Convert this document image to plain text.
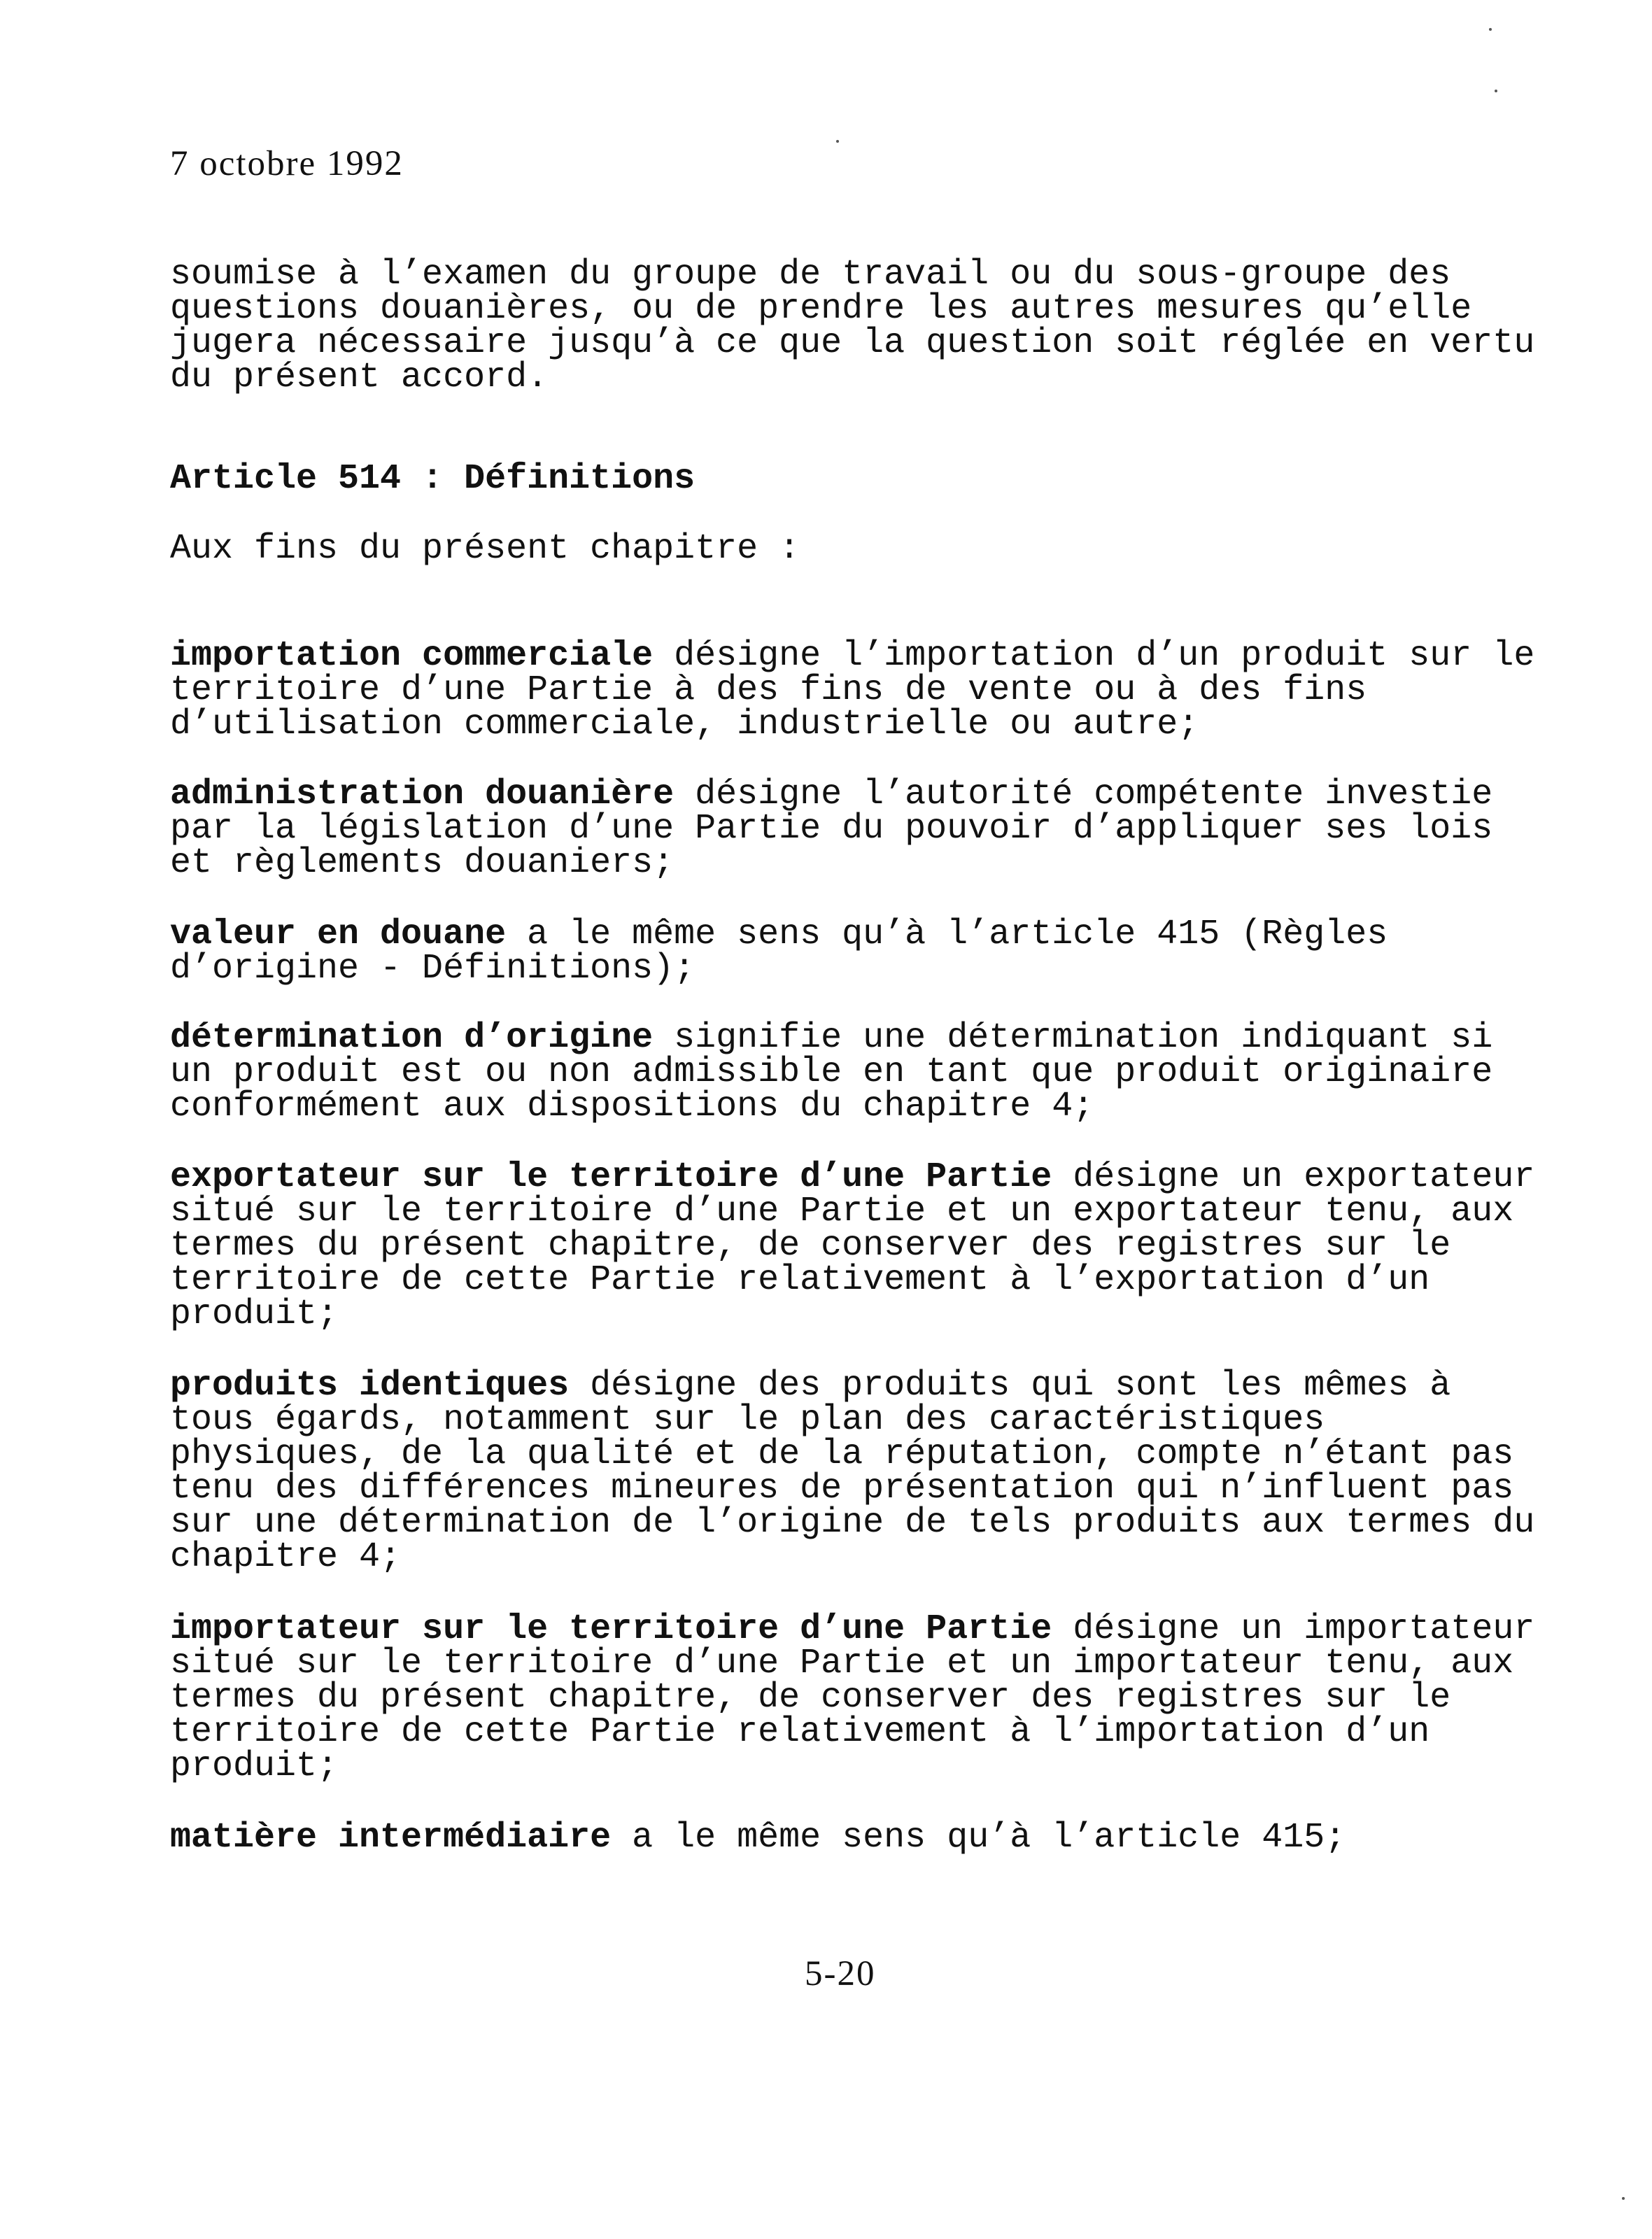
7 octobre 1992

soumise à l’examen du groupe de travail ou du sous-groupe des
questions douanières, ou de prendre les autres mesures qu’elle
jugera nécessaire jusqu’à ce que la question soit réglée en vertu
du présent accord.
Article 514 : Définitions
Aux fins du présent chapitre :
importation commerciale désigne l’importation d’un produit sur le
territoire d’une Partie à des fins de vente ou à des fins
d’utilisation commerciale, industrielle ou autre;
administration douanière désigne l’autorité compétente investie
par la législation d’une Partie du pouvoir d’appliquer ses lois
et règlements douaniers;
valeur en douane a le même sens qu’à l’article 415 (Règles
d’origine - Définitions);
détermination d’origine signifie une détermination indiquant si
un produit est ou non admissible en tant que produit originaire
conformément aux dispositions du chapitre 4;
exportateur sur le territoire d’une Partie désigne un exportateur
situé sur le territoire d’une Partie et un exportateur tenu, aux
termes du présent chapitre, de conserver des registres sur le
territoire de cette Partie relativement à l’exportation d’un
produit;
produits identiques désigne des produits qui sont les mêmes à
tous égards, notamment sur le plan des caractéristiques
physiques, de la qualité et de la réputation, compte n’étant pas
tenu des différences mineures de présentation qui n’influent pas
sur une détermination de l’origine de tels produits aux termes du
chapitre 4;
importateur sur le territoire d’une Partie désigne un importateur
situé sur le territoire d’une Partie et un importateur tenu, aux
termes du présent chapitre, de conserver des registres sur le
territoire de cette Partie relativement à l’importation d’un
produit;
matière intermédiaire a le même sens qu’à l’article 415;

5-20
